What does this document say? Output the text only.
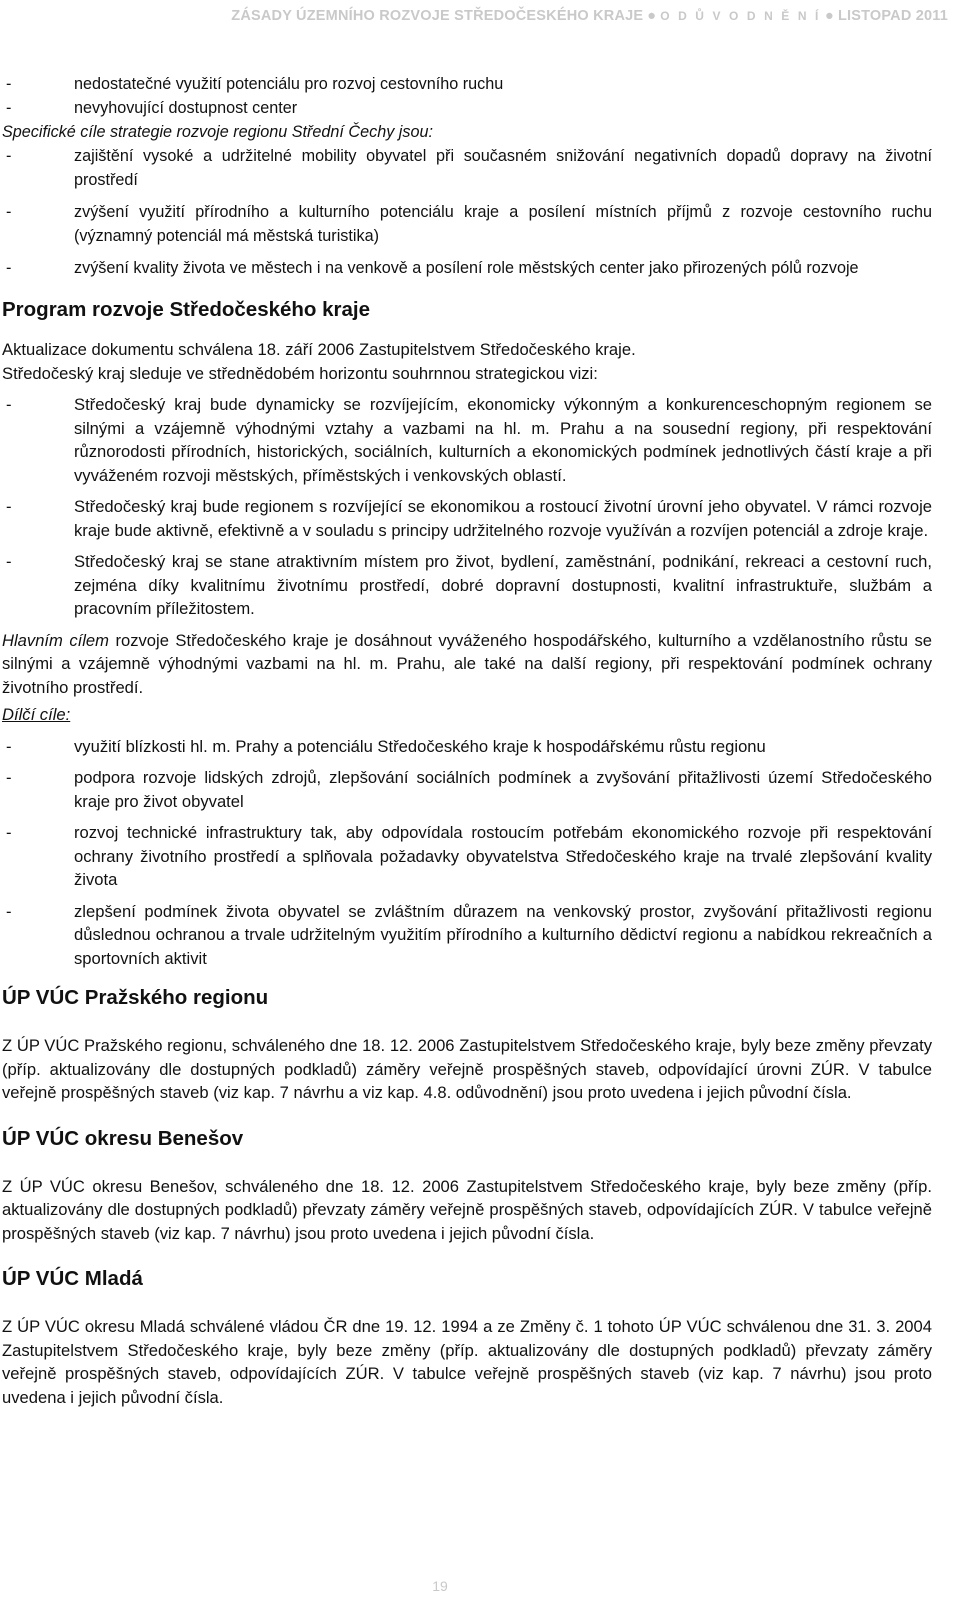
ZÁSADY ÚZEMNÍHO ROZVOJE STŘEDOČESKÉHO KRAJE ● O D Ů V O D N Ě N Í ● LISTOPAD 2011
- nedostatečné využití potenciálu pro rozvoj cestovního ruchu
- nevyhovující dostupnost center
Specifické cíle strategie rozvoje regionu Střední Čechy jsou:
- zajištění vysoké a udržitelné mobility obyvatel při současném snižování negativních dopadů dopravy na životní prostředí
- zvýšení využití přírodního a kulturního potenciálu kraje a posílení místních příjmů z rozvoje cestovního ruchu (významný potenciál má městská turistika)
- zvýšení kvality života ve městech i na venkově a posílení role městských center jako přirozených pólů rozvoje
Program rozvoje Středočeského kraje
Aktualizace dokumentu schválena 18. září 2006 Zastupitelstvem Středočeského kraje.
Středočeský kraj sleduje ve střednědobém horizontu souhrnnou strategickou vizi:
- Středočeský kraj bude dynamicky se rozvíjejícím, ekonomicky výkonným a konkurenceschopným regionem se silnými a vzájemně výhodnými vztahy a vazbami na hl. m. Prahu a na sousední regiony, při respektování různorodosti přírodních, historických, sociálních, kulturních a ekonomických podmínek jednotlivých částí kraje a při vyváženém rozvoji městských, příměstských i venkovských oblastí.
- Středočeský kraj bude regionem s rozvíjející se ekonomikou a rostoucí životní úrovní jeho obyvatel. V rámci rozvoje kraje bude aktivně, efektivně a v souladu s principy udržitelného rozvoje využíván a rozvíjen potenciál a zdroje kraje.
- Středočeský kraj se stane atraktivním místem pro život, bydlení, zaměstnání, podnikání, rekreaci a cestovní ruch, zejména díky kvalitnímu životnímu prostředí, dobré dopravní dostupnosti, kvalitní infrastruktuře, službám a pracovním příležitostem.
Hlavním cílem rozvoje Středočeského kraje je dosáhnout vyváženého hospodářského, kulturního a vzdělanostního růstu se silnými a vzájemně výhodnými vazbami na hl. m. Prahu, ale také na další regiony, při respektování podmínek ochrany životního prostředí.
Dílčí cíle:
- využití blízkosti hl. m. Prahy a potenciálu Středočeského kraje k hospodářskému růstu regionu
- podpora rozvoje lidských zdrojů, zlepšování sociálních podmínek a zvyšování přitažlivosti území Středočeského kraje pro život obyvatel
- rozvoj technické infrastruktury tak, aby odpovídala rostoucím potřebám ekonomického rozvoje při respektování ochrany životního prostředí a splňovala požadavky obyvatelstva Středočeského kraje na trvalé zlepšování kvality života
- zlepšení podmínek života obyvatel se zvláštním důrazem na venkovský prostor, zvyšování přitažlivosti regionu důslednou ochranou a trvale udržitelným využitím přírodního a kulturního dědictví regionu a nabídkou rekreačních a sportovních aktivit
ÚP VÚC Pražského regionu
Z ÚP VÚC Pražského regionu, schváleného dne 18. 12. 2006 Zastupitelstvem Středočeského kraje, byly beze změny převzaty (příp. aktualizovány dle dostupných podkladů) záměry veřejně prospěšných staveb, odpovídající úrovni ZÚR. V tabulce veřejně prospěšných staveb (viz kap. 7 návrhu a viz kap. 4.8. odůvodnění) jsou proto uvedena i jejich původní čísla.
ÚP VÚC okresu Benešov
Z ÚP VÚC okresu Benešov, schváleného dne 18. 12. 2006 Zastupitelstvem Středočeského kraje, byly beze změny (příp. aktualizovány dle dostupných podkladů) převzaty záměry veřejně prospěšných staveb, odpovídajících ZÚR. V tabulce veřejně prospěšných staveb (viz kap. 7 návrhu) jsou proto uvedena i jejich původní čísla.
ÚP VÚC Mladá
Z ÚP VÚC okresu Mladá schválené vládou ČR dne 19. 12. 1994 a ze Změny č. 1 tohoto ÚP VÚC schválenou dne 31. 3. 2004 Zastupitelstvem Středočeského kraje, byly beze změny (příp. aktualizovány dle dostupných podkladů) převzaty záměry veřejně prospěšných staveb, odpovídajících ZÚR. V tabulce veřejně prospěšných staveb (viz kap. 7 návrhu) jsou proto uvedena i jejich původní čísla.
19
